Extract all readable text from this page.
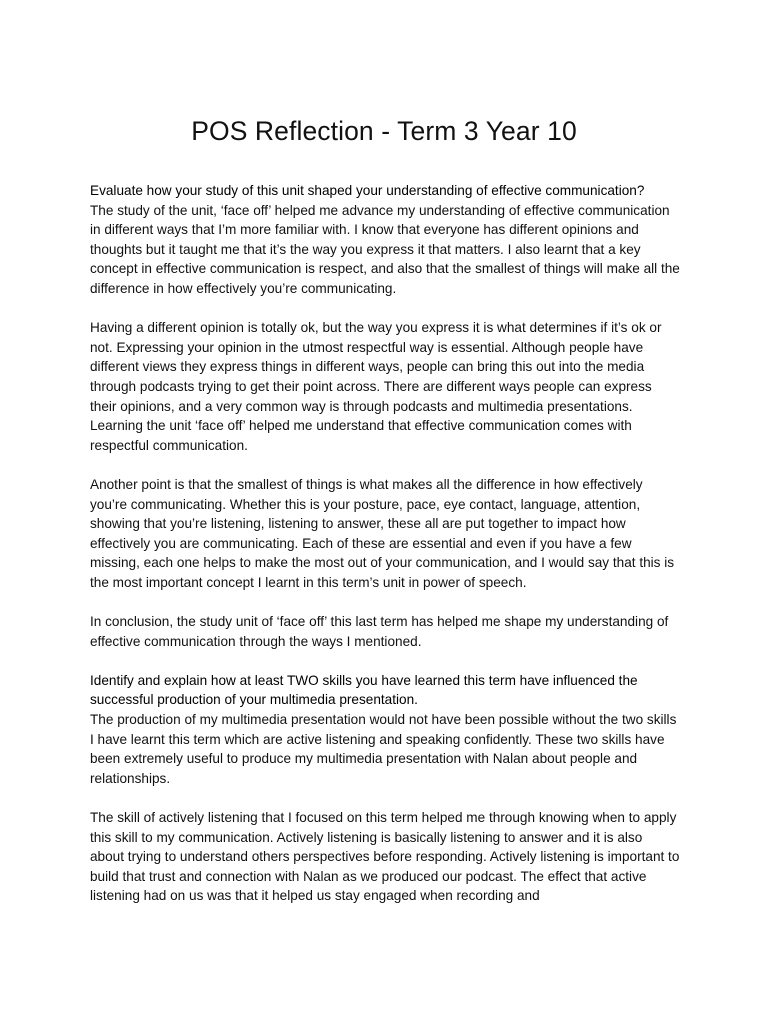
POS Reflection - Term 3 Year 10

Evaluate how your study of this unit shaped your understanding of effective communication?

The study of the unit, ‘face off’ helped me advance my understanding of effective communication in different ways that I’m more familiar with. I know that everyone has different opinions and thoughts but it taught me that it’s the way you express it that matters. I also learnt that a key concept in effective communication is respect, and also that the smallest of things will make all the difference in how effectively you’re communicating.

Having a different opinion is totally ok, but the way you express it is what determines if it’s ok or not. Expressing your opinion in the utmost respectful way is essential. Although people have different views they express things in different ways, people can bring this out into the media through podcasts trying to get their point across. There are different ways people can express their opinions, and a very common way is through podcasts and multimedia presentations. Learning the unit ‘face off’ helped me understand that effective communication comes with respectful communication.

Another point is that the smallest of things is what makes all the difference in how effectively you’re communicating. Whether this is your posture, pace, eye contact, language, attention, showing that you’re listening, listening to answer, these all are put together to impact how effectively you are communicating. Each of these are essential and even if you have a few missing, each one helps to make the most out of your communication, and I would say that this is the most important concept I learnt in this term’s unit in power of speech.

In conclusion, the study unit of ‘face off’ this last term has helped me shape my understanding of effective communication through the ways I mentioned.

Identify and explain how at least TWO skills you have learned this term have influenced the successful production of your multimedia presentation.

The production of my multimedia presentation would not have been possible without the two skills I have learnt this term which are active listening and speaking confidently. These two skills have been extremely useful to produce my multimedia presentation with Nalan about people and relationships.

The skill of actively listening that I focused on this term helped me through knowing when to apply this skill to my communication. Actively listening is basically listening to answer and it is also about trying to understand others perspectives before responding. Actively listening is important to build that trust and connection with Nalan as we produced our podcast. The effect that active listening had on us was that it helped us stay engaged when recording and
